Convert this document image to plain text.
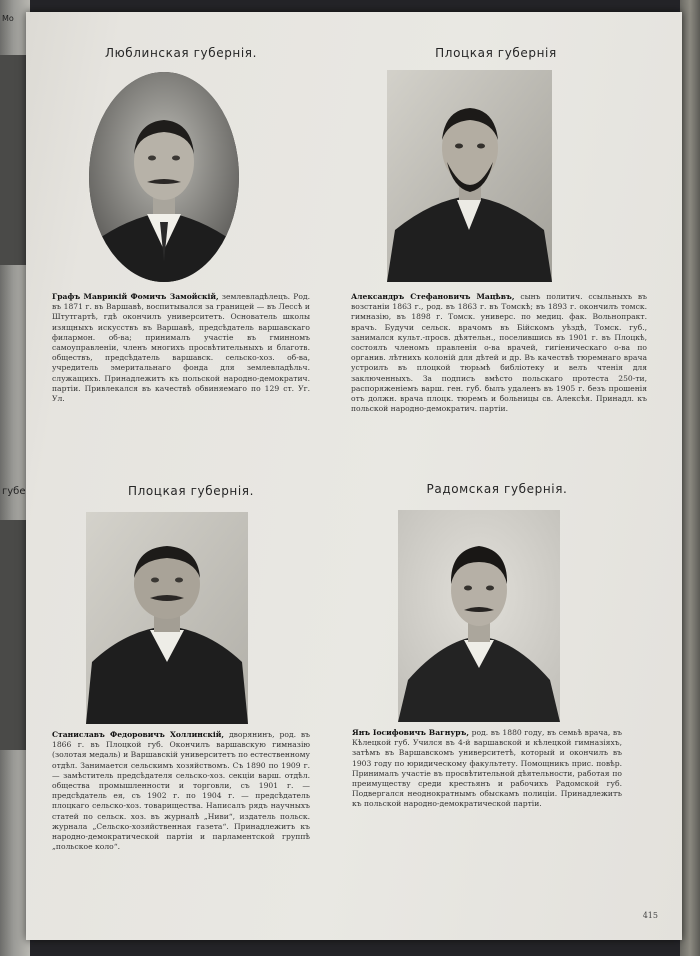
Мо
губе
Люблинская губернія.
Графъ Маврикій Фомичъ Замойскій, землевладѣлецъ. Род. въ 1871 г. въ Варшавѣ, воспитывался за границей — въ Лессѣ и Штутгартѣ, гдѣ окончилъ университетъ. Основатель школы изящныхъ искусствъ въ Варшавѣ, предсѣдатель варшавскаго филармон. об-ва; принималъ участіе въ гминномъ самоуправленіи, членъ многихъ просвѣтительныхъ и благотв. обществъ, предсѣдатель варшавск. сельско-хоз. об-ва, учредитель эмеритальнаго фонда для землевладѣльч. служащихъ. Принадлежитъ къ польской народно-демократич. партіи. Привлекался въ качествѣ обвиняемаго по 129 ст. Уг. Ул.
Плоцкая губернія
Александръ Стефановичъ Мацѣвъ, сынъ политич. ссыльныхъ въ возстаніи 1863 г., род. въ 1863 г. въ Томскѣ; въ 1893 г. окончилъ томск. гимназію, въ 1898 г. Томск. универс. по медиц. фак. Вольнопракт. врачъ. Будучи сельск. врачомъ въ Бійскомъ уѣздѣ, Томск. губ., занимался культ.-просв. дѣятельн., поселившись въ 1901 г. въ Плоцкѣ, состоялъ членомъ правленія о-ва врачей, гигіеническаго о-ва по органив. лѣтнихъ колоній для дѣтей и др. Въ качествѣ тюремнаго врача устроилъ въ плоцкой тюрьмѣ библіотеку и велъ чтенія для заключенныхъ. За подписъ вмѣсто польскаго протеста 250-ти, распоряженіемъ варш. ген. губ. былъ удаленъ въ 1905 г. безъ прошенія отъ должн. врача плоцк. тюремъ и больницы св. Алексѣя. Принадл. къ польской народно-демократич. партіи.
Плоцкая губернія.
Станиславъ Федоровичъ Холлинскій, дворянинъ, род. въ 1866 г. въ Плоцкой губ. Окончилъ варшавскую гимназію (золотая медаль) и Варшавскій университетъ по естественному отдѣл. Занимается сельскимъ хозяйствомъ. Съ 1890 по 1909 г. — замѣститель предсѣдателя сельско-хоз. секціи варш. отдѣл. общества промышленности и торговли, съ 1901 г. — предсѣдатель ея, съ 1902 г. по 1904 г. — предсѣдатель плоцкаго сельско-хоз. товарищества. Написалъ рядъ научныхъ статей по сельск. хоз. въ журналѣ „Ниви“, издатель польск. журнала „Сельско-хозяйственная газета“. Принадлежитъ къ народно-демократической партіи и парламентской группѣ „польское коло“.
Радомская губернія.
Янъ Іосифовичъ Вагнуръ, род. въ 1880 году, въ семьѣ врача, въ Кѣлецкой губ. Учился въ 4-й варшавской и кѣлецкой гимназіяхъ, затѣмъ въ Варшавскомъ университетѣ, который и окончилъ въ 1903 году по юридическому факультету. Помощникъ прис. повѣр. Принималъ участіе въ просвѣтительной дѣятельности, работая по преимуществу среди крестьянъ и рабочихъ Радомской губ. Подвергался неоднократнымъ обыскамъ полиціи. Принадлежитъ къ польской народно-демократической партіи.
415
